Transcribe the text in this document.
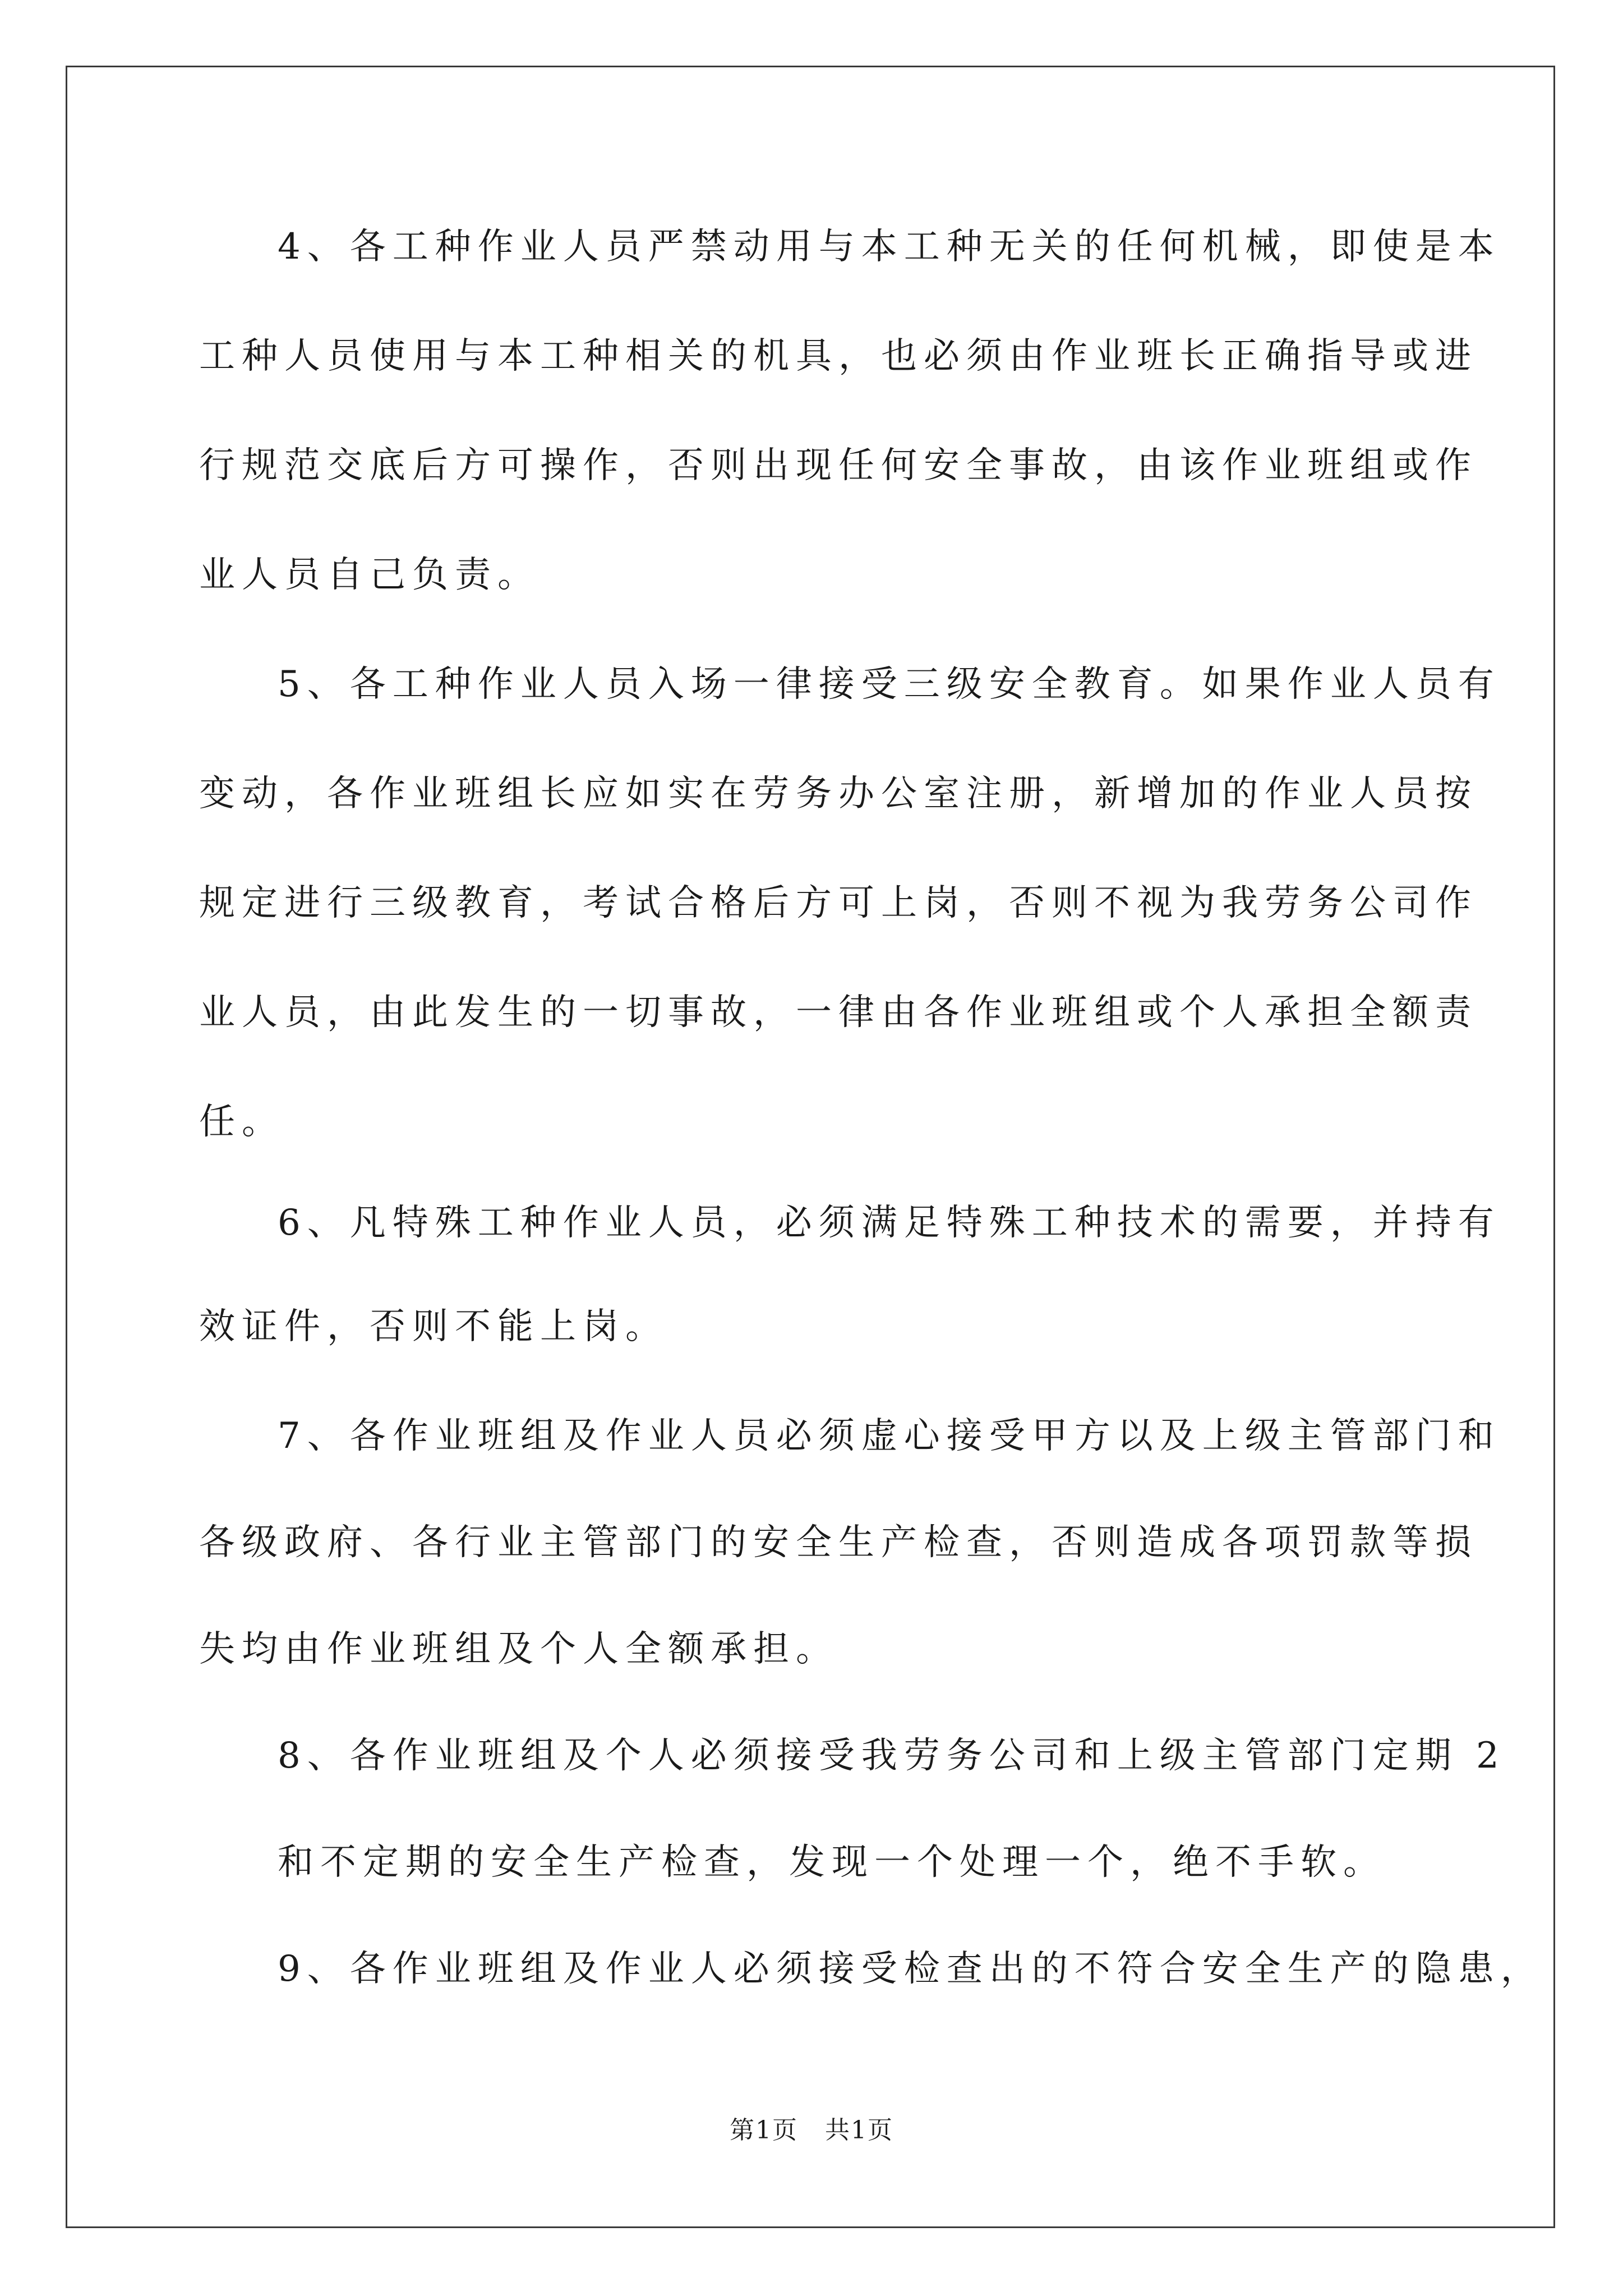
4、各工种作业人员严禁动用与本工种无关的任何机械，即使是本
工种人员使用与本工种相关的机具，也必须由作业班长正确指导或进
行规范交底后方可操作，否则出现任何安全事故，由该作业班组或作
业人员自己负责。
5、各工种作业人员入场一律接受三级安全教育。如果作业人员有
变动，各作业班组长应如实在劳务办公室注册，新增加的作业人员按
规定进行三级教育，考试合格后方可上岗，否则不视为我劳务公司作
业人员，由此发生的一切事故，一律由各作业班组或个人承担全额责
任。
6、凡特殊工种作业人员，必须满足特殊工种技术的需要，并持有
效证件，否则不能上岗。
7、各作业班组及作业人员必须虚心接受甲方以及上级主管部门和
各级政府、各行业主管部门的安全生产检查，否则造成各项罚款等损
失均由作业班组及个人全额承担。
8、各作业班组及个人必须接受我劳务公司和上级主管部门定期 2
和不定期的安全生产检查，发现一个处理一个，绝不手软。
9、各作业班组及作业人必须接受检查出的不符合安全生产的隐患，
第1页   共1页
